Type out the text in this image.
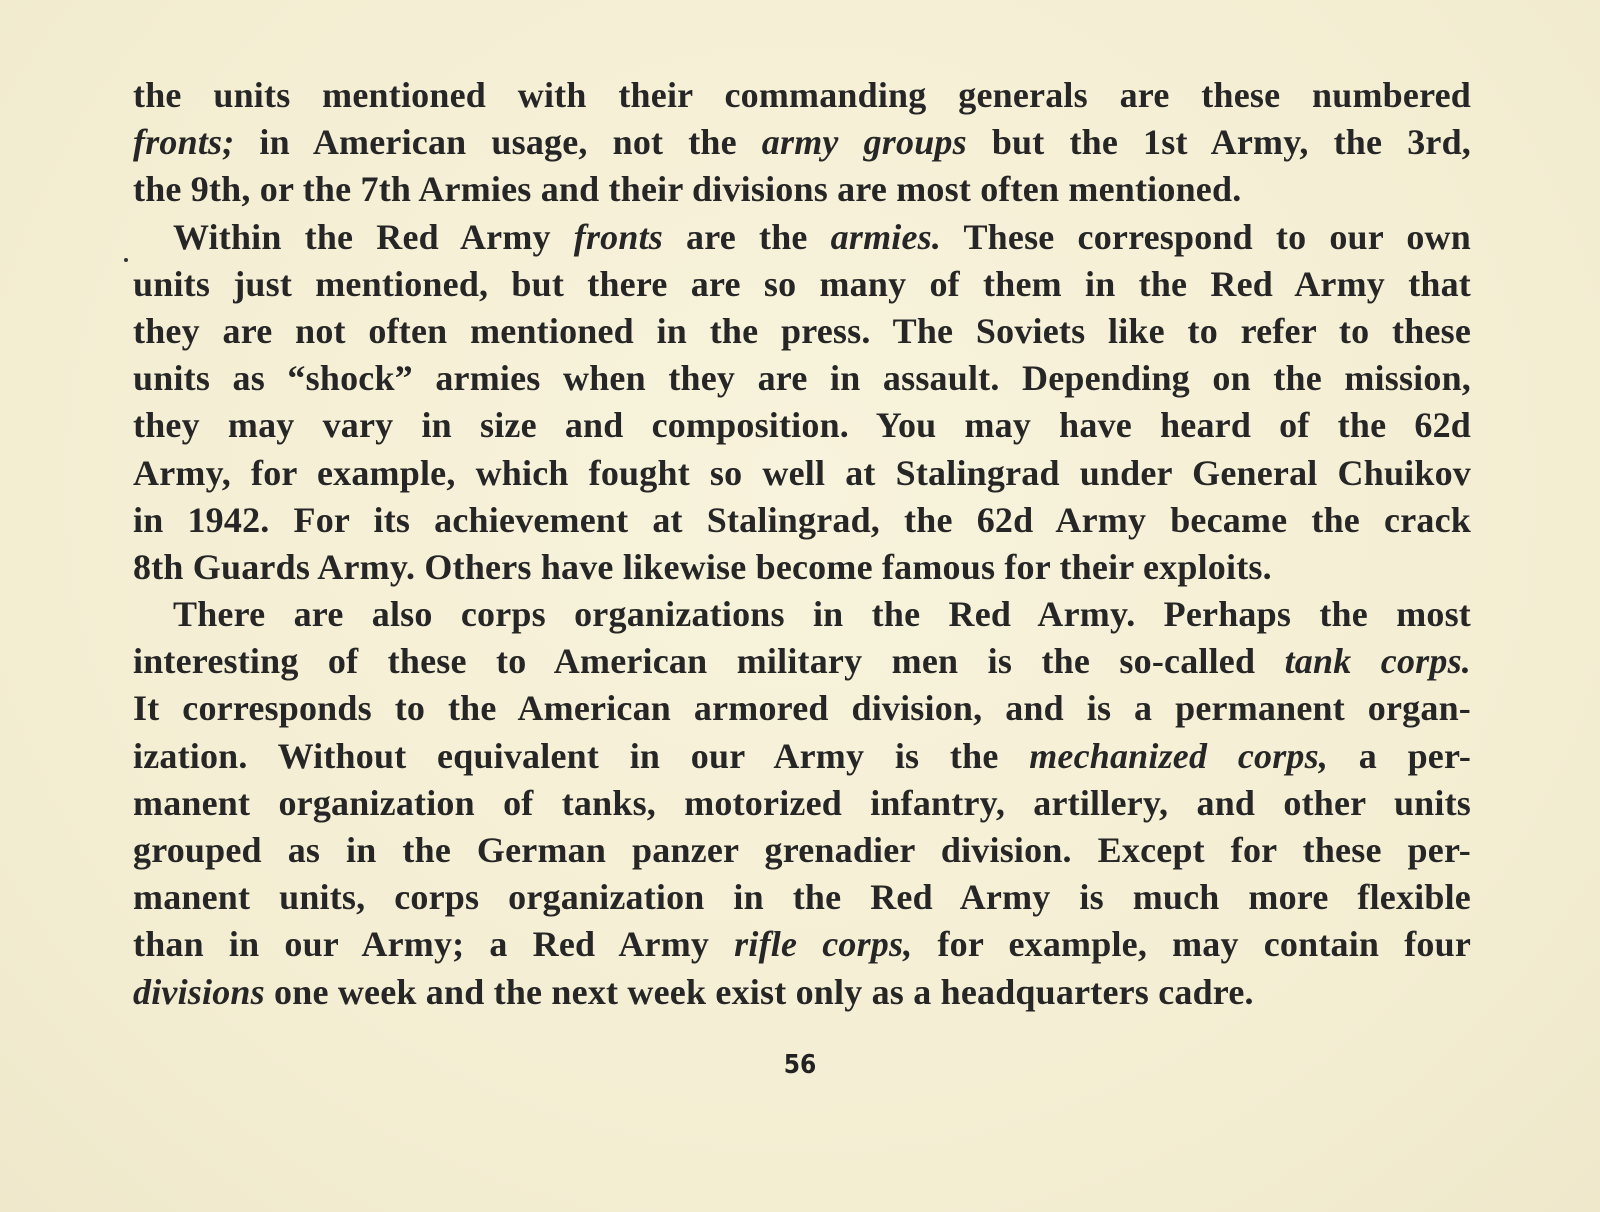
the units mentioned with their commanding generals are these numbered
fronts; in American usage, not the army groups but the 1st Army, the 3rd,
the 9th, or the 7th Armies and their divisions are most often mentioned.
Within the Red Army fronts are the armies. These correspond to our own
units just mentioned, but there are so many of them in the Red Army that
they are not often mentioned in the press. The Soviets like to refer to these
units as “shock” armies when they are in assault. Depending on the mission,
they may vary in size and composition. You may have heard of the 62d
Army, for example, which fought so well at Stalingrad under General Chuikov
in 1942. For its achievement at Stalingrad, the 62d Army became the crack
8th Guards Army. Others have likewise become famous for their exploits.
There are also corps organizations in the Red Army. Perhaps the most
interesting of these to American military men is the so-called tank corps.
It corresponds to the American armored division, and is a permanent organ-
ization. Without equivalent in our Army is the mechanized corps, a per-
manent organization of tanks, motorized infantry, artillery, and other units
grouped as in the German panzer grenadier division. Except for these per-
manent units, corps organization in the Red Army is much more flexible
than in our Army; a Red Army rifle corps, for example, may contain four
divisions one week and the next week exist only as a headquarters cadre.
56
